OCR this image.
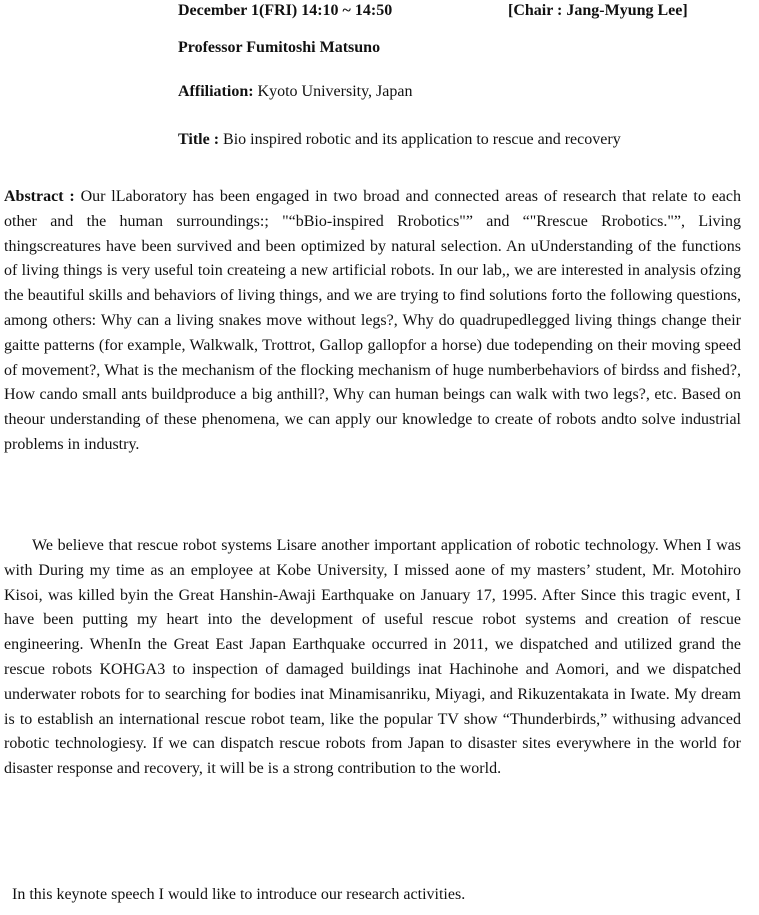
December 1(FRI) 14:10 ~ 14:50	[Chair : Jang-Myung Lee]
Professor Fumitoshi Matsuno
Affiliation: Kyoto University, Japan
Title : Bio inspired robotic and its application to rescue and recovery
Abstract : Our lLaboratory has been engaged in two broad and connected areas of research that relate to each other and the human surroundings:; "“bBio-inspired Rrobotics"” and “"Rrescue Rrobotics."”, Living thingscreatures have been survived and been optimized by natural selection. An uUnderstanding of the functions of living things is very useful toin createing a new artificial robots. In our lab,, we are interested in analysis ofzing the beautiful skills and behaviors of living things, and we are trying to find solutions forto the following questions, among others: Why can a living snakes move without legs?, Why do quadrupedlegged living things change their gaitte patterns (for example, Walkwalk, Trottrot, Gallop gallopfor a horse) due todepending on their moving speed of movement?, What is the mechanism of the flocking mechanism of huge numberbehaviors of birdss and fished?, How cando small ants buildproduce a big anthill?, Why can human beings can walk with two legs?, etc. Based on theour understanding of these phenomena, we can apply our knowledge to create of robots andto solve industrial problems in industry.
We believe that rescue robot systems Lisare another important application of robotic technology. When I was with During my time as an employee at Kobe University, I missed aone of my masters’ student, Mr. Motohiro Kisoi, was killed byin the Great Hanshin-Awaji Earthquake on January 17, 1995. After Since this tragic event, I have been putting my heart into the development of useful rescue robot systems and creation of rescue engineering. WhenIn the Great East Japan Earthquake occurred in 2011, we dispatched and utilized grand the rescue robots KOHGA3 to inspection of damaged buildings inat Hachinohe and Aomori, and we dispatched underwater robots for to searching for bodies inat Minamisanriku, Miyagi, and Rikuzentakata in Iwate. My dream is to establish an international rescue robot team, like the popular TV show “Thunderbirds,” withusing advanced robotic technologiesy. If we can dispatch rescue robots from Japan to disaster sites everywhere in the world for disaster response and recovery, it will be is a strong contribution to the world.
In this keynote speech I would like to introduce our research activities.
